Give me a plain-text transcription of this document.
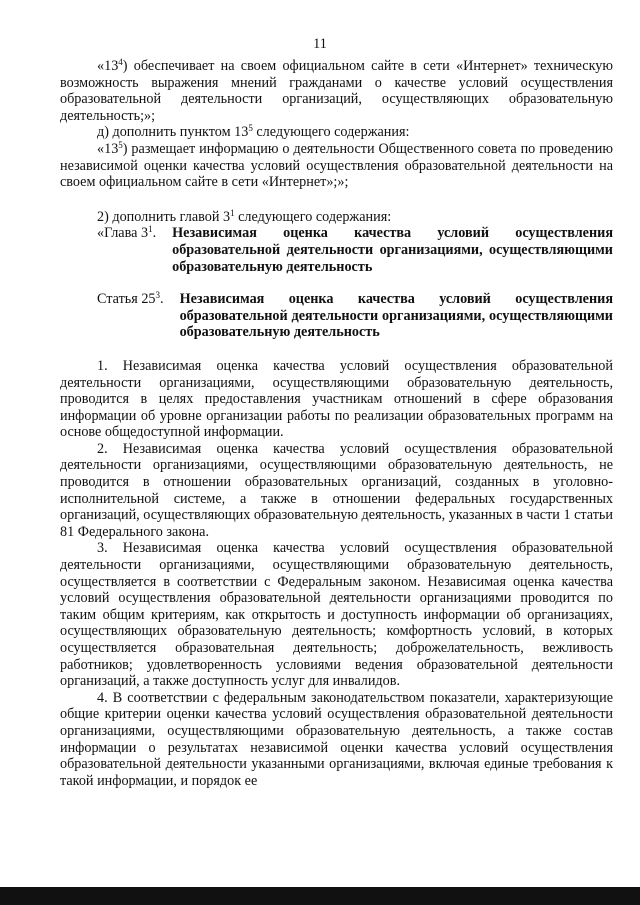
11

«$13^4$) обеспечивает на своем официальном сайте в сети «Интернет» техническую возможность выражения мнений гражданами о качестве условий осуществления образовательной деятельности организаций, осуществляющих образовательную деятельность;»;

д) дополнить пунктом $13^5$ следующего содержания:

«$13^5$) размещает информацию о деятельности Общественного совета по проведению независимой оценки качества условий осуществления образовательной деятельности на своем официальном сайте в сети «Интернет»;»;

2) дополнить главой $3^1$ следующего содержания:

«Глава $3^1$. Независимая оценка качества условий осуществления образовательной деятельности организациями, осуществляющими образовательную деятельность
Статья $25^3$. Независимая оценка качества условий осуществления образовательной деятельности организациями, осуществляющими образовательную деятельность

1. Независимая оценка качества условий осуществления образовательной деятельности организациями, осуществляющими образовательную деятельность, проводится в целях предоставления участникам отношений в сфере образования информации об уровне организации работы по реализации образовательных программ на основе общедоступной информации.

2. Независимая оценка качества условий осуществления образовательной деятельности организациями, осуществляющими образовательную деятельность, не проводится в отношении образовательных организаций, созданных в уголовно-исполнительной системе, а также в отношении федеральных государственных организаций, осуществляющих образовательную деятельность, указанных в части 1 статьи 81 Федерального закона.

3. Независимая оценка качества условий осуществления образовательной деятельности организациями, осуществляющими образовательную деятельность, осуществляется в соответствии с Федеральным законом. Независимая оценка качества условий осуществления образовательной деятельности организациями проводится по таким общим критериям, как открытость и доступность информации об организациях, осуществляющих образовательную деятельность; комфортность условий, в которых осуществляется образовательная деятельность; доброжелательность, вежливость работников; удовлетворенность условиями ведения образовательной деятельности организаций, а также доступность услуг для инвалидов.

4. В соответствии с федеральным законодательством показатели, характеризующие общие критерии оценки качества условий осуществления образовательной деятельности организациями, осуществляющими образовательную деятельность, а также состав информации о результатах независимой оценки качества условий осуществления образовательной деятельности указанными организациями, включая единые требования к такой информации, и порядок ее
